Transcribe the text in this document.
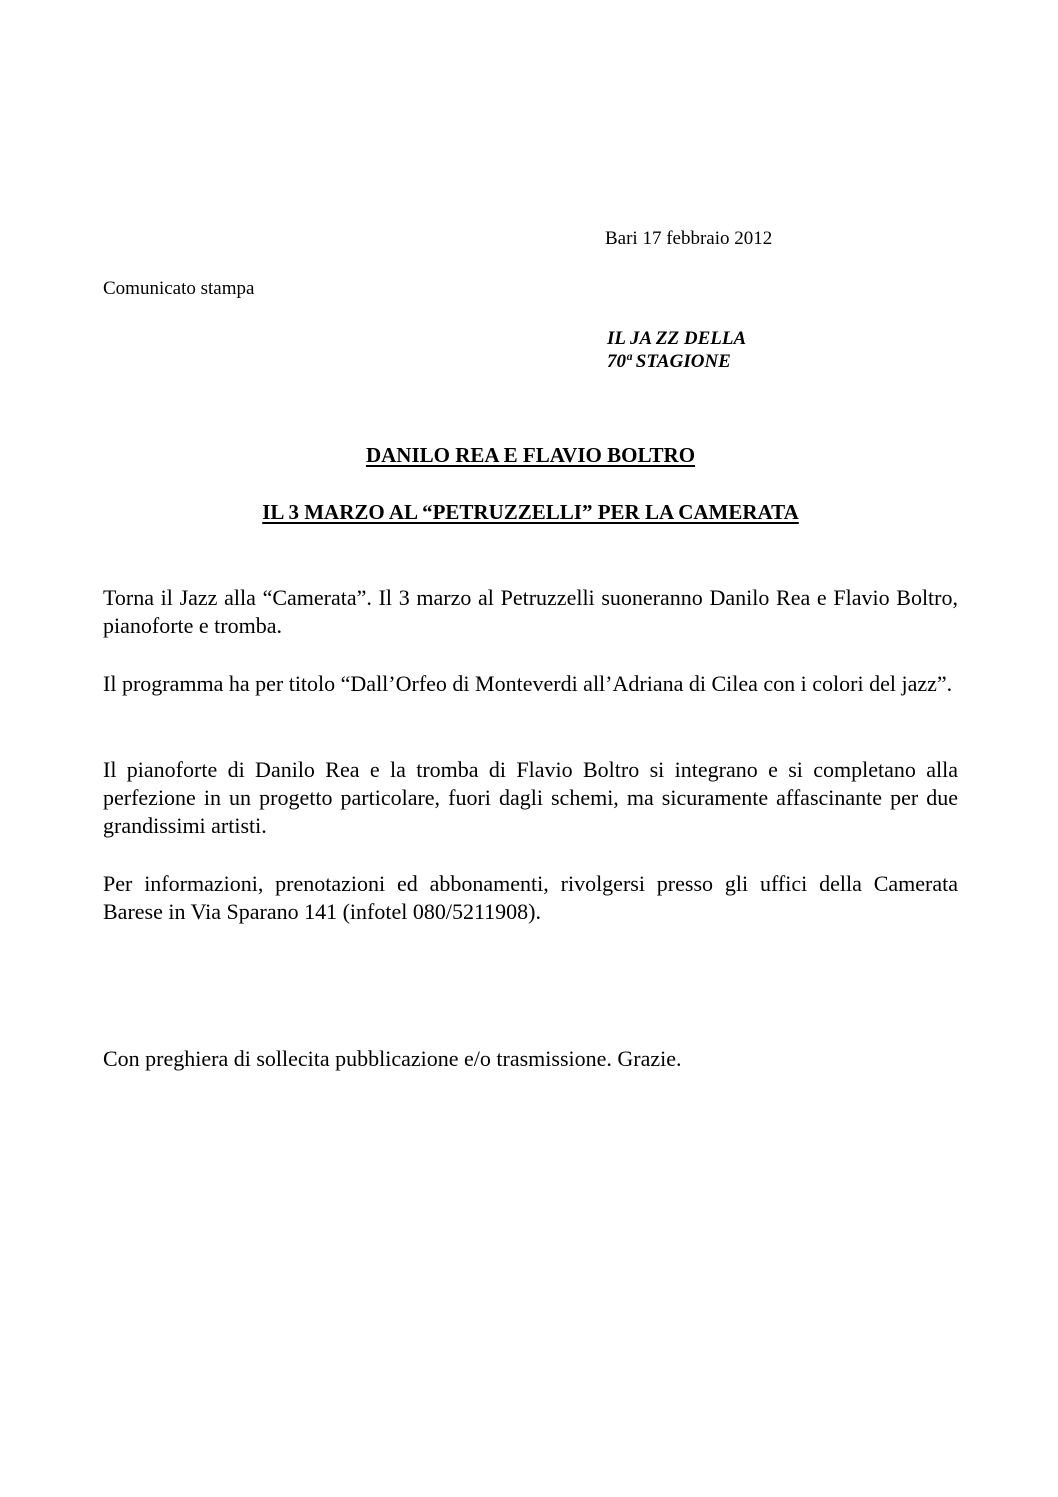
Bari 17 febbraio 2012
Comunicato stampa
IL JA ZZ DELLA
70ª STAGIONE
DANILO REA E FLAVIO BOLTRO
IL 3 MARZO AL “PETRUZZELLI” PER LA CAMERATA

Torna il Jazz alla “Camerata”. Il 3 marzo al Petruzzelli suoneranno Danilo Rea e Flavio Boltro, pianoforte e tromba.

Il programma ha per titolo “Dall’Orfeo di Monteverdi all’Adriana di Cilea con i colori del jazz”.

Il pianoforte di Danilo Rea e la tromba di Flavio Boltro si integrano e si completano alla perfezione in un progetto particolare, fuori dagli schemi, ma sicuramente affascinante per due grandissimi artisti.

Per informazioni, prenotazioni ed abbonamenti, rivolgersi presso gli uffici della Camerata Barese in Via Sparano 141 (infotel 080/5211908).

Con preghiera di sollecita pubblicazione e/o trasmissione. Grazie.
